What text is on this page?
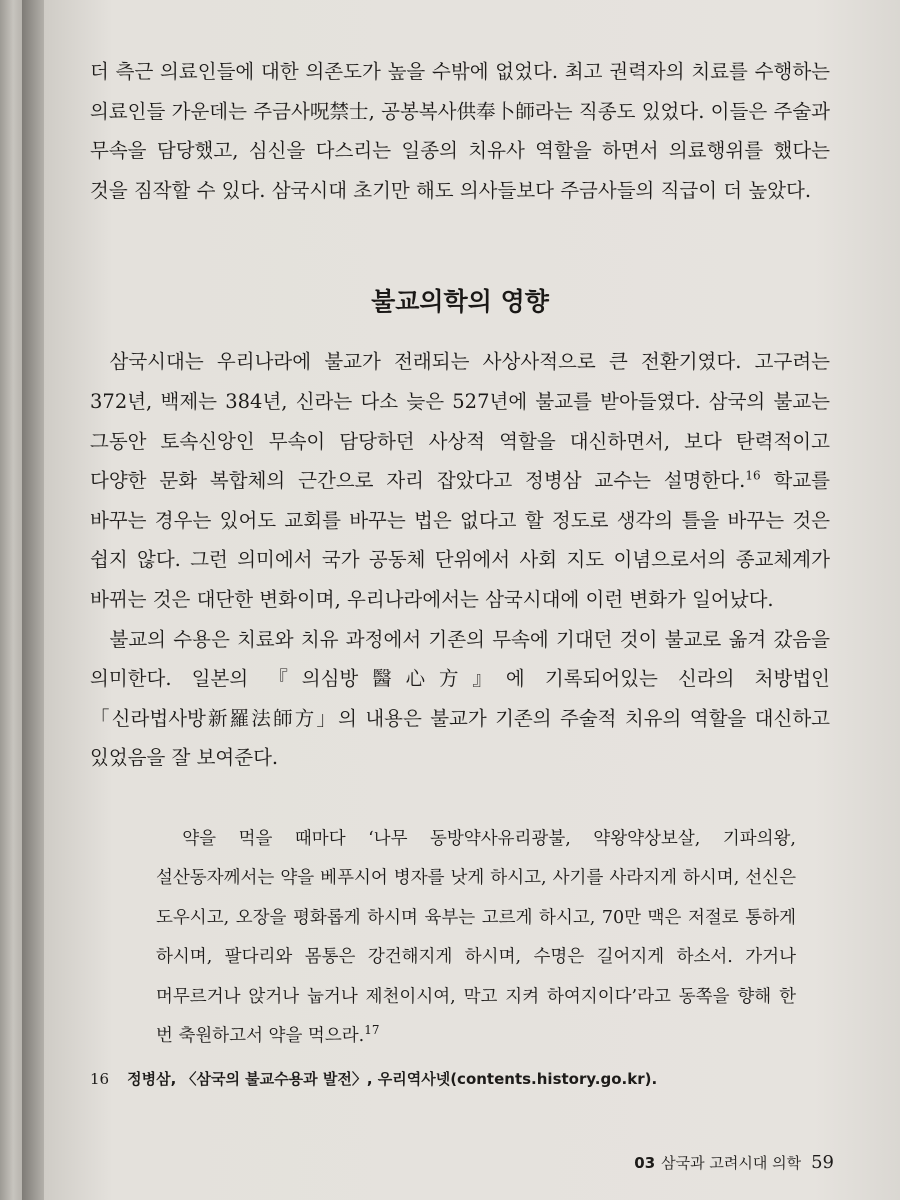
더 측근 의료인들에 대한 의존도가 높을 수밖에 없었다. 최고 권력자의 치료를 수행하는 의료인들 가운데는 주금사呪禁士, 공봉복사供奉卜師라는 직종도 있었다. 이들은 주술과 무속을 담당했고, 심신을 다스리는 일종의 치유사 역할을 하면서 의료행위를 했다는 것을 짐작할 수 있다. 삼국시대 초기만 해도 의사들보다 주금사들의 직급이 더 높았다.

불교의학의 영향

삼국시대는 우리나라에 불교가 전래되는 사상사적으로 큰 전환기였다. 고구려는 372년, 백제는 384년, 신라는 다소 늦은 527년에 불교를 받아들였다. 삼국의 불교는 그동안 토속신앙인 무속이 담당하던 사상적 역할을 대신하면서, 보다 탄력적이고 다양한 문화 복합체의 근간으로 자리 잡았다고 정병삼 교수는 설명한다.$^{16}$ 학교를 바꾸는 경우는 있어도 교회를 바꾸는 법은 없다고 할 정도로 생각의 틀을 바꾸는 것은 쉽지 않다. 그런 의미에서 국가 공동체 단위에서 사회 지도 이념으로서의 종교체계가 바뀌는 것은 대단한 변화이며, 우리나라에서는 삼국시대에 이런 변화가 일어났다.

불교의 수용은 치료와 치유 과정에서 기존의 무속에 기대던 것이 불교로 옮겨 갔음을 의미한다. 일본의 『의심방醫心方』에 기록되어있는 신라의 처방법인 「신라법사방新羅法師方」의 내용은 불교가 기존의 주술적 치유의 역할을 대신하고 있었음을 잘 보여준다.

약을 먹을 때마다 ‘나무 동방약사유리광불, 약왕약상보살, 기파의왕, 설산동자께서는 약을 베푸시어 병자를 낫게 하시고, 사기를 사라지게 하시며, 선신은 도우시고, 오장을 평화롭게 하시며 육부는 고르게 하시고, 70만 맥은 저절로 통하게 하시며, 팔다리와 몸통은 강건해지게 하시며, 수명은 길어지게 하소서. 가거나 머무르거나 앉거나 눕거나 제천이시여, 막고 지켜 하여지이다’라고 동쪽을 향해 한 번 축원하고서 약을 먹으라.$^{17}$

16 정병삼, 〈삼국의 불교수용과 발전〉, 우리역사넷(contents.history.go.kr).
03 삼국과 고려시대 의학 59
